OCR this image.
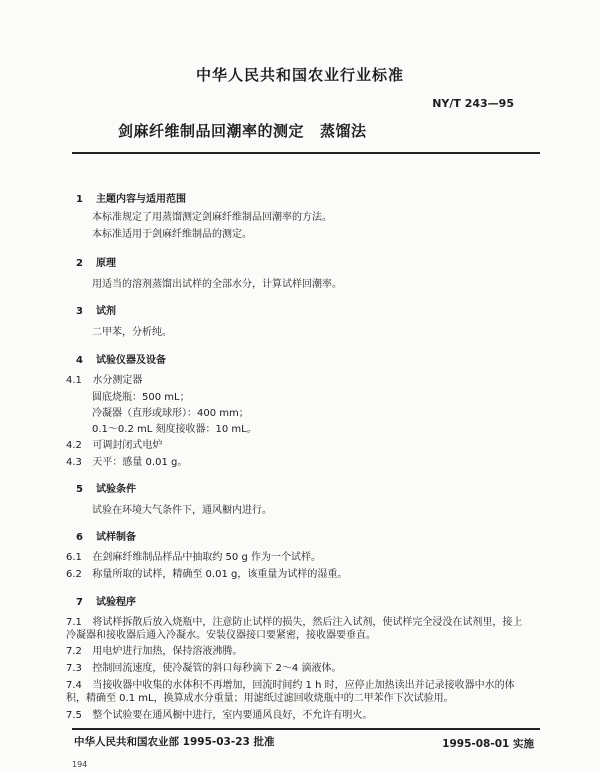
中华人民共和国农业行业标准
NY/T 243—95
剑麻纤维制品回潮率的测定 蒸馏法
1 主题内容与适用范围
本标准规定了用蒸馏测定剑麻纤维制品回潮率的方法。
本标准适用于剑麻纤维制品的测定。
2 原理
用适当的溶剂蒸馏出试样的全部水分，计算试样回潮率。
3 试剂
二甲苯，分析纯。
4 试验仪器及设备
4.1 水分测定器
圆底烧瓶：500 mL；
冷凝器（直形或球形）：400 mm；
0.1～0.2 mL 刻度接收器：10 mL。
4.2 可调封闭式电炉
4.3 天平：感量 0.01 g。
5 试验条件
试验在环境大气条件下，通风橱内进行。
6 试样制备
6.1 在剑麻纤维制品样品中抽取约 50 g 作为一个试样。
6.2 称量所取的试样，精确至 0.01 g，该重量为试样的湿重。
7 试验程序
7.1 将试样拆散后放入烧瓶中，注意防止试样的损失，然后注入试剂，使试样完全浸没在试剂里，接上冷凝器和接收器后通入冷凝水。安装仪器接口要紧密，接收器要垂直。
7.2 用电炉进行加热，保持溶液沸腾。
7.3 控制回流速度，使冷凝管的斜口每秒滴下 2～4 滴液体。
7.4 当接收器中收集的水体积不再增加，回流时间约 1 h 时，应停止加热读出并记录接收器中水的体积，精确至 0.1 mL，换算成水分重量；用滤纸过滤回收烧瓶中的二甲苯作下次试验用。
7.5 整个试验要在通风橱中进行，室内要通风良好，不允许有明火。
中华人民共和国农业部 1995-03-23 批准	1995-08-01 实施
194
